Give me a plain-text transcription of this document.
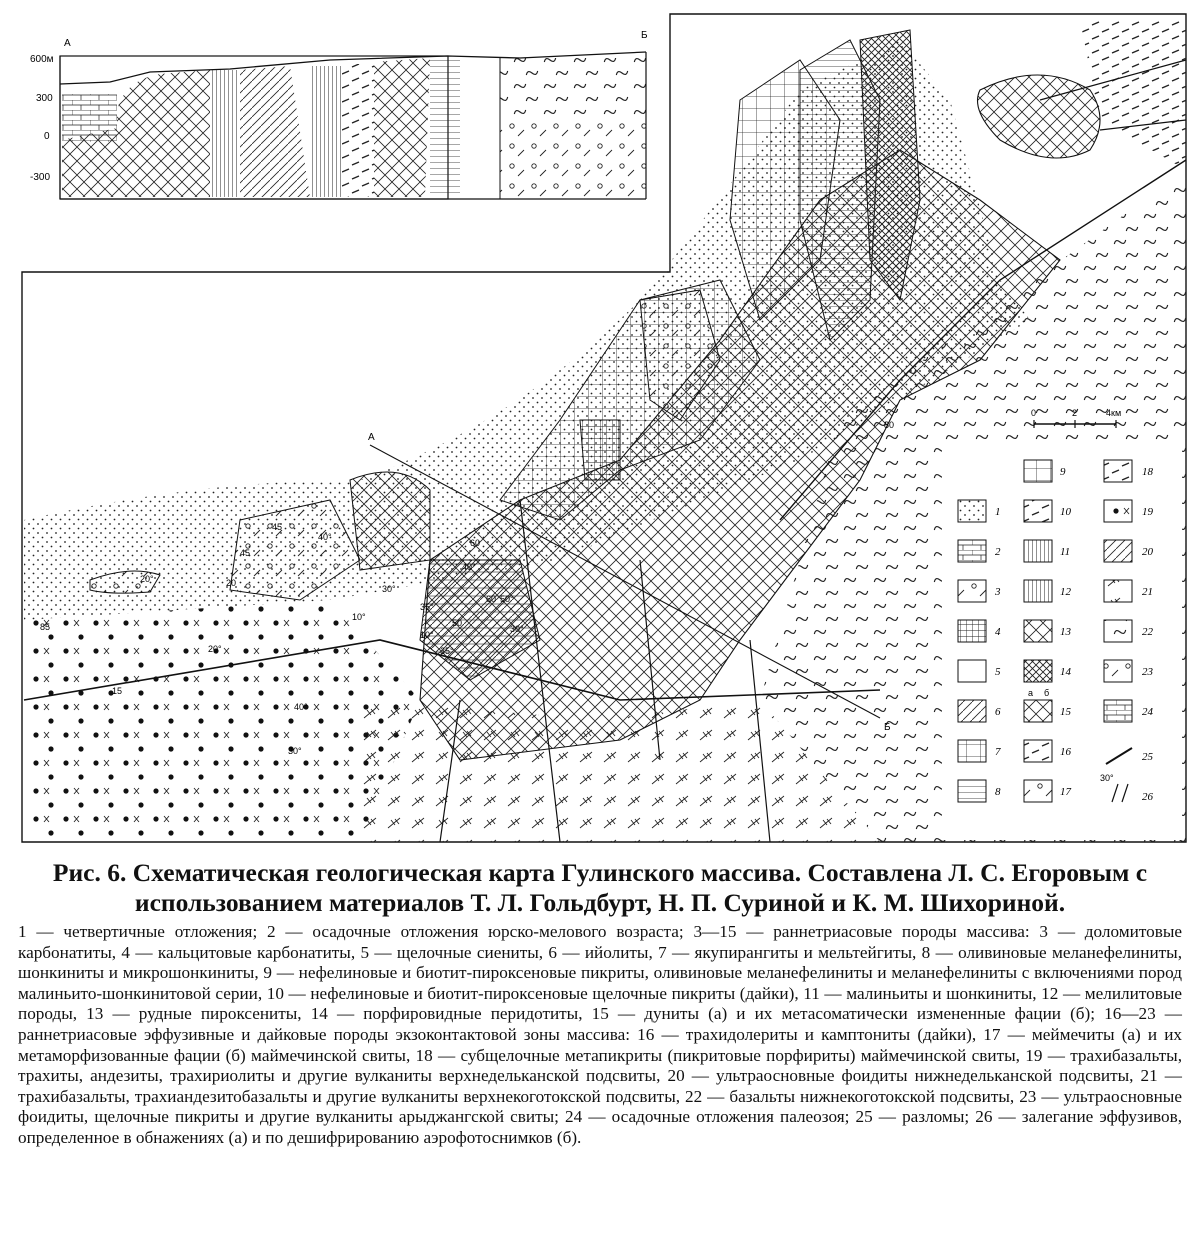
А
Б
600м
300
0
-300
45
40°
45
20
20°
85
15
20°
40°
30°
30°
10°
35°
10°
35°
40°
50
60 50°
30°
60
80
А
Б
0	2	4км
1
2
3
4
5
6
7
8
9
10
11
12
13
14
15
16
17
а б
18
19
20
21
22
23
24
25
26
30°

Рис. 6. Схематическая геологическая карта Гулинского массива. Составлена Л. С. Егоровым с использованием материалов Т. Л. Гольдбурт, Н. П. Суриной и К. М. Шихориной.

1 — четвертичные отложения; 2 — осадочные отложения юрско-мелового возраста; 3—15 — раннетриасовые породы массива: 3 — доломитовые карбонатиты, 4 — кальцитовые карбонатиты, 5 — щелочные сиениты, 6 — ийолиты, 7 — якупирангиты и мельтейгиты, 8 — оливиновые меланефелиниты, шонкиниты и микрошонкиниты, 9 — нефелиновые и биотит-пироксеновые пикриты, оливиновые меланефелиниты и меланефелиниты с включениями пород малиньито-шонкинитовой серии, 10 — нефелиновые и биотит-пироксеновые щелочные пикриты (дайки), 11 — малиньиты и шонкиниты, 12 — мелилитовые породы, 13 — рудные пироксениты, 14 — порфировидные перидотиты, 15 — дуниты (а) и их метасоматически измененные фации (б); 16—23 — раннетриасовые эффузивные и дайковые породы экзоконтактовой зоны массива: 16 — трахидолериты и камптониты (дайки), 17 — меймечиты (а) и их метаморфизованные фации (б) маймечинской свиты, 18 — субщелочные метапикриты (пикритовые порфириты) маймечинской свиты, 19 — трахибазальты, трахиты, андезиты, трахириолиты и другие вулканиты верхнедельканской подсвиты, 20 — ультраосновные фоидиты нижнедельканской подсвиты, 21 — трахибазальты, трахиандезитобазальты и другие вулканиты верхнекоготокской подсвиты, 22 — базальты нижнекоготокской подсвиты, 23 — ультраосновные фоидиты, щелочные пикриты и другие вулканиты арыджангской свиты; 24 — осадочные отложения палеозоя; 25 — разломы; 26 — залегание эффузивов, определенное в обнажениях (а) и по дешифрированию аэрофотоснимков (б).
